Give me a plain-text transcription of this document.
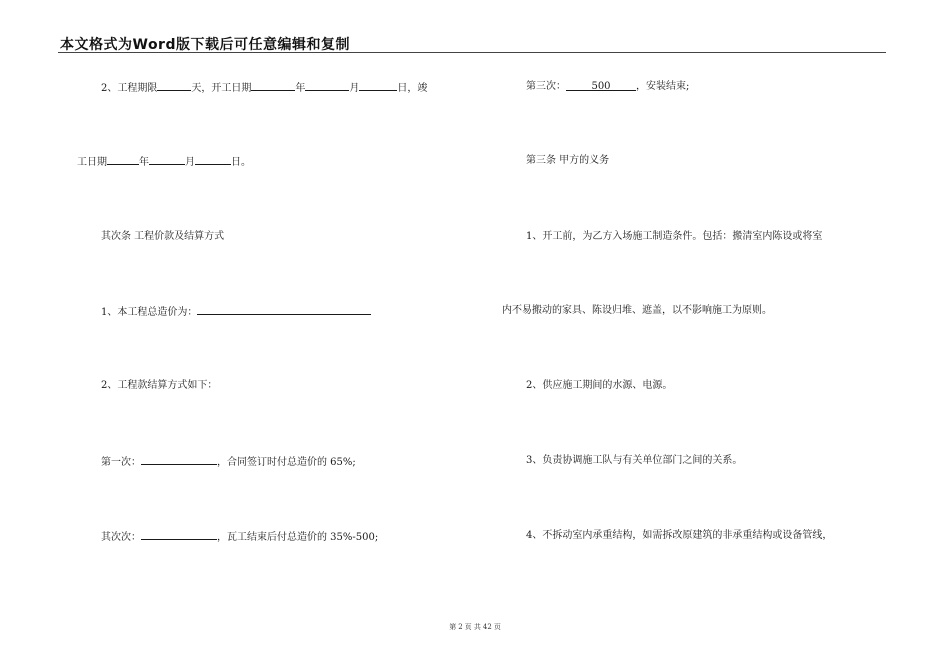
本文格式为Word版下载后可任意编辑和复制
2、工程期限	天，开工日期	年	月	日，竣
工日期	年	月	日。
其次条 工程价款及结算方式
1、本工程总造价为：
2、工程款结算方式如下：
第一次：	，合同签订时付总造价的 65%;
其次次：	，瓦工结束后付总造价的 35%-500;
第三次：	500	，安装结束;
第三条 甲方的义务
1、开工前，为乙方入场施工制造条件。包括：搬清室内陈设或将室
内不易搬动的家具、陈设归堆、遮盖，以不影响施工为原则。
2、供应施工期间的水源、电源。
3、负责协调施工队与有关单位部门之间的关系。
4、不拆动室内承重结构，如需拆改原建筑的非承重结构或设备管线，
第 2 页 共 42 页
